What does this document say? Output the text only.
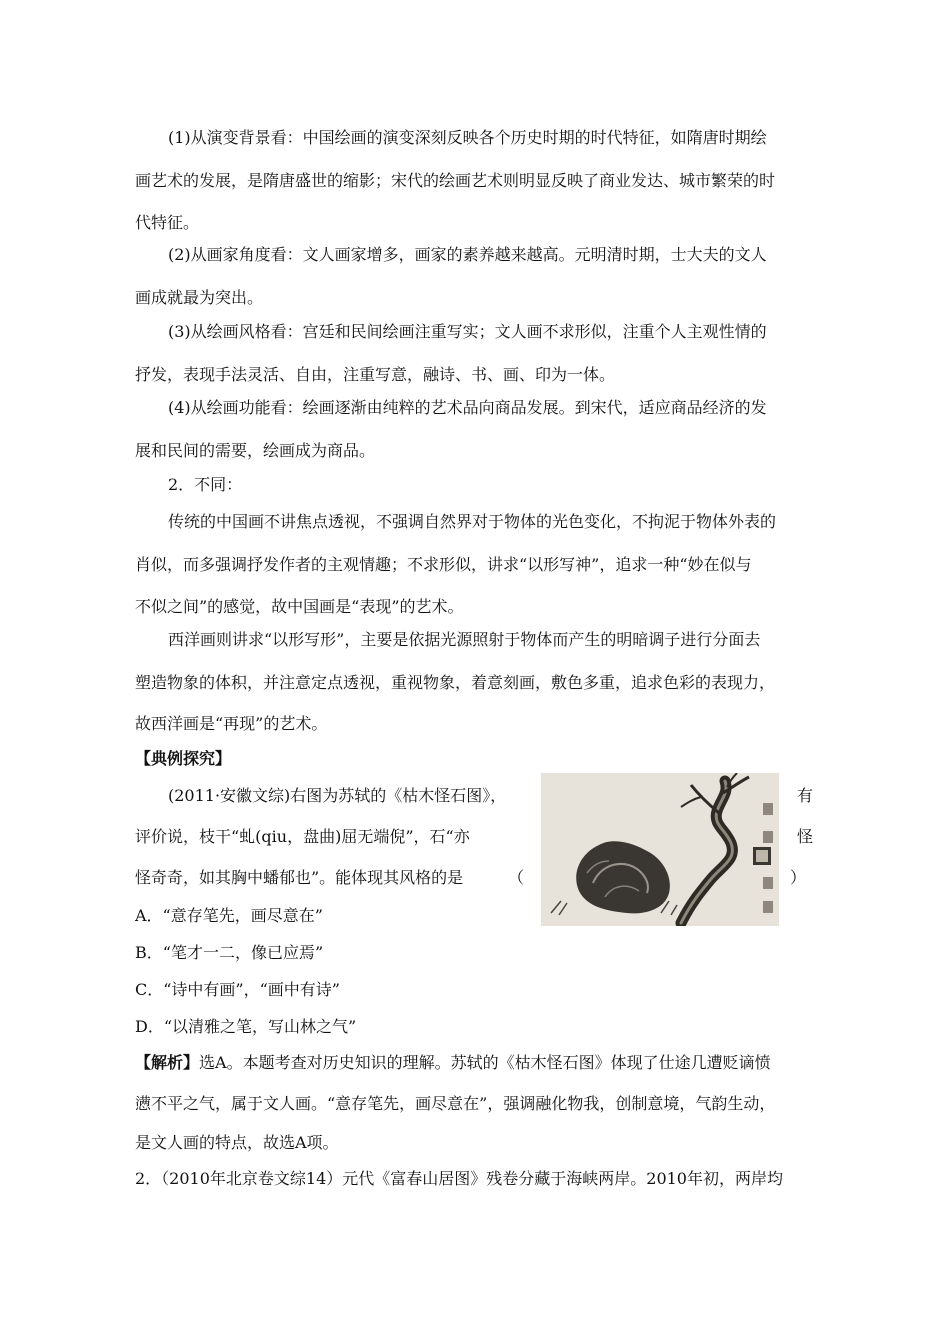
(1)从演变背景看：中国绘画的演变深刻反映各个历史时期的时代特征，如隋唐时期绘
画艺术的发展，是隋唐盛世的缩影；宋代的绘画艺术则明显反映了商业发达、城市繁荣的时
代特征。
(2)从画家角度看：文人画家增多，画家的素养越来越高。元明清时期，士大夫的文人
画成就最为突出。
(3)从绘画风格看：宫廷和民间绘画注重写实；文人画不求形似，注重个人主观性情的
抒发，表现手法灵活、自由，注重写意，融诗、书、画、印为一体。
(4)从绘画功能看：绘画逐渐由纯粹的艺术品向商品发展。到宋代，适应商品经济的发
展和民间的需要，绘画成为商品。
2．不同：
传统的中国画不讲焦点透视，不强调自然界对于物体的光色变化，不拘泥于物体外表的
肖似，而多强调抒发作者的主观情趣；不求形似，讲求“以形写神”，追求一种“妙在似与
不似之间”的感觉，故中国画是“表现”的艺术。
西洋画则讲求“以形写形”，主要是依据光源照射于物体而产生的明暗调子进行分面去
塑造物象的体积，并注意定点透视，重视物象，着意刻画，敷色多重，追求色彩的表现力，
故西洋画是“再现”的艺术。
【典例探究】
(2011·安徽文综)右图为苏轼的《枯木怪石图》，	有
评价说，枝干“虬(qiu，盘曲)屈无端倪”，石“亦	怪
怪奇奇，如其胸中蟠郁也”。能体现其风格的是	（	）
A．“意存笔先，画尽意在”
B．“笔才一二，像已应焉”
C．“诗中有画”，“画中有诗”
D．“以清雅之笔，写山林之气”
【解析】选A。本题考查对历史知识的理解。苏轼的《枯木怪石图》体现了仕途几遭贬谪愤
懑不平之气，属于文人画。“意存笔先，画尽意在”，强调融化物我，创制意境，气韵生动，
是文人画的特点，故选A项。
2．（2010年北京卷文综14）元代《富春山居图》残卷分藏于海峡两岸。2010年初，两岸均
